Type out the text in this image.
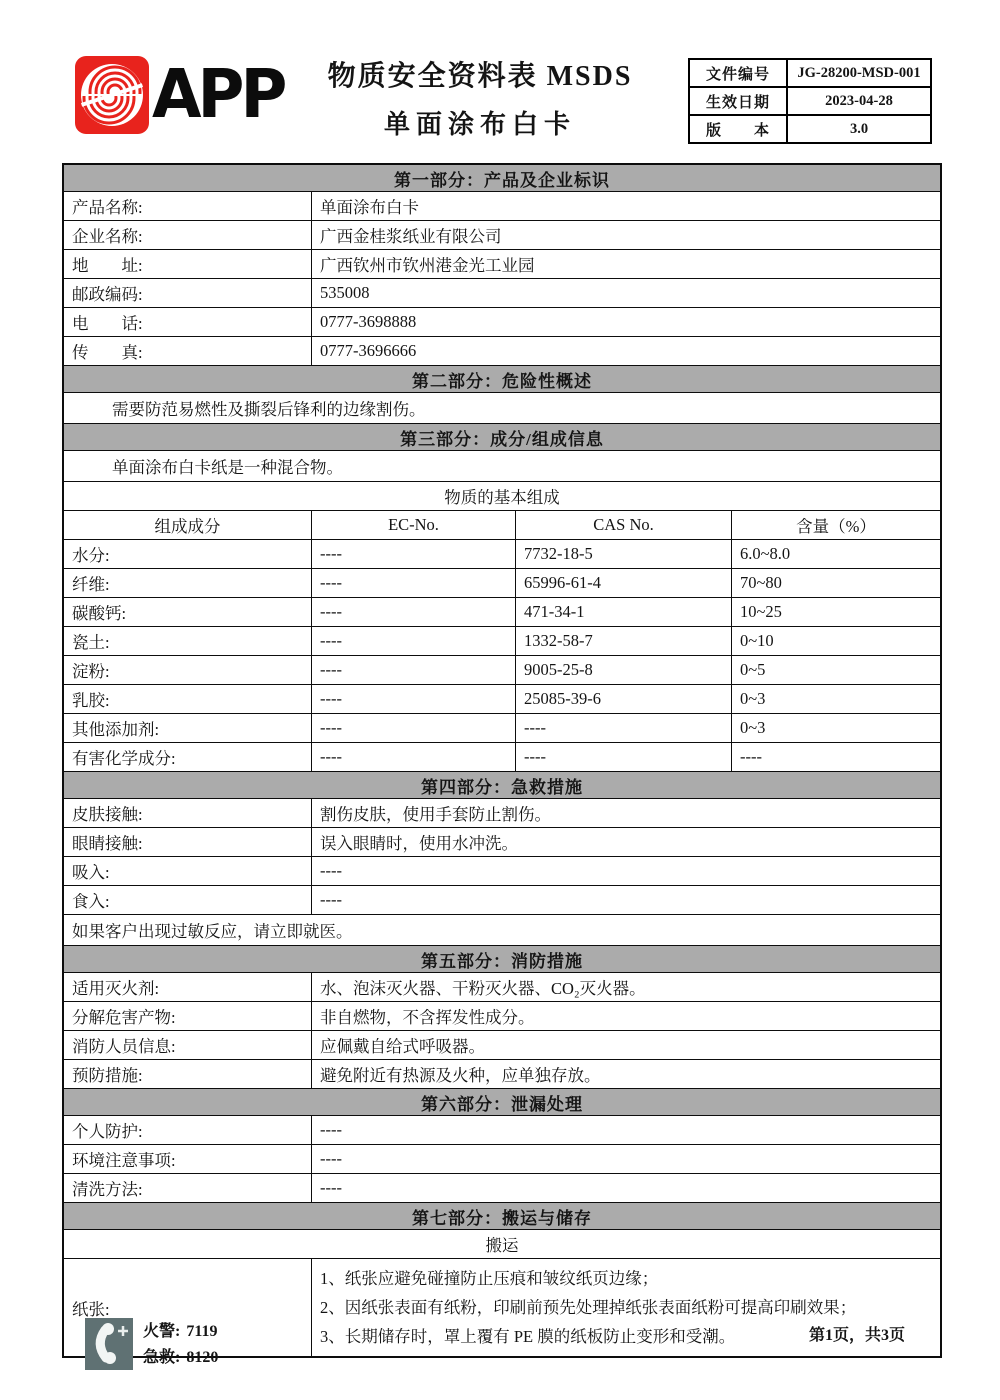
APP	物质安全资料表 MSDS
单面涂布白卡
文件编号	JG-28200-MSD-001
生效日期	2023-04-28
版　　本	3.0
第一部分：产品及企业标识
产品名称:	单面涂布白卡
企业名称:	广西金桂浆纸业有限公司
地　　址:	广西钦州市钦州港金光工业园
邮政编码:	535008
电　　话:	0777-3698888
传　　真:	0777-3696666
第二部分：危险性概述
需要防范易燃性及撕裂后锋利的边缘割伤。
第三部分：成分/组成信息
单面涂布白卡纸是一种混合物。
物质的基本组成
组成成分	EC-No.	CAS No.	含量（%）
水分:	----	7732-18-5	6.0~8.0
纤维:	----	65996-61-4	70~80
碳酸钙:	----	471-34-1	10~25
瓷土:	----	1332-58-7	0~10
淀粉:	----	9005-25-8	0~5
乳胶:	----	25085-39-6	0~3
其他添加剂:	----	----	0~3
有害化学成分:	----	----	----
第四部分：急救措施
皮肤接触:	割伤皮肤，使用手套防止割伤。
眼睛接触:	误入眼睛时，使用水冲洗。
吸入:	----
食入:	----
如果客户出现过敏反应，请立即就医。
第五部分：消防措施
适用灭火剂:	水、泡沫灭火器、干粉灭火器、CO₂灭火器。
分解危害产物:	非自燃物，不含挥发性成分。
消防人员信息:	应佩戴自给式呼吸器。
预防措施:	避免附近有热源及火种，应单独存放。
第六部分：泄漏处理
个人防护:	----
环境注意事项:	----
清洗方法:	----
第七部分：搬运与储存
搬运
纸张:
1、纸张应避免碰撞防止压痕和皱纹纸页边缘；
2、因纸张表面有纸粉，印刷前预先处理掉纸张表面纸粉可提高印刷效果；
3、长期储存时，罩上覆有 PE 膜的纸板防止变形和受潮。
火警: 7119
急救: 8120
第1页，共3页
